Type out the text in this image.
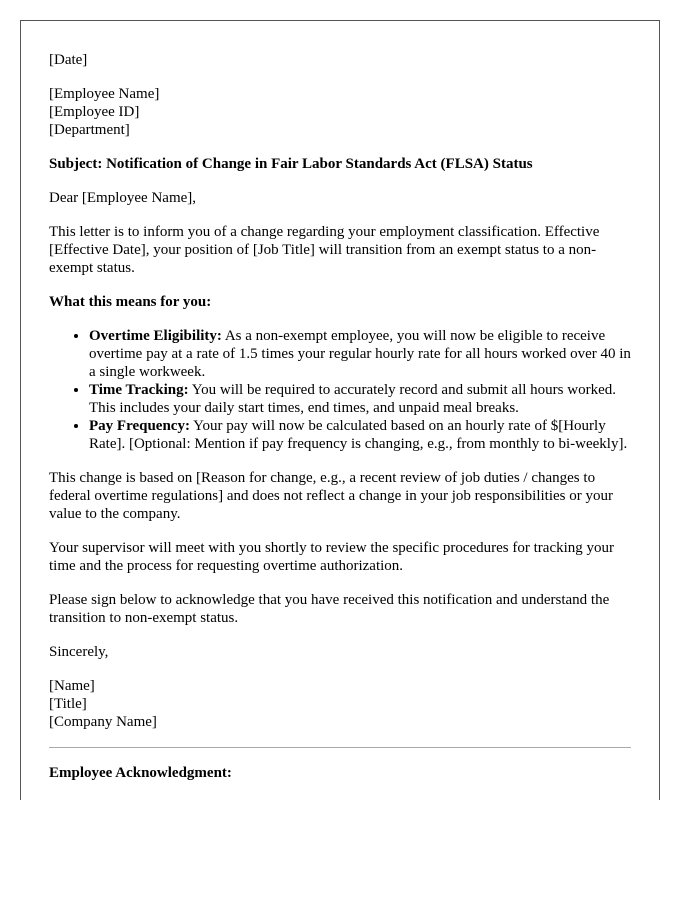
[Date]
[Employee Name]
[Employee ID]
[Department]
Subject: Notification of Change in Fair Labor Standards Act (FLSA) Status
Dear [Employee Name],
This letter is to inform you of a change regarding your employment classification. Effective [Effective Date], your position of [Job Title] will transition from an exempt status to a non-exempt status.
What this means for you:
• Overtime Eligibility: As a non-exempt employee, you will now be eligible to receive overtime pay at a rate of 1.5 times your regular hourly rate for all hours worked over 40 in a single workweek.
• Time Tracking: You will be required to accurately record and submit all hours worked. This includes your daily start times, end times, and unpaid meal breaks.
• Pay Frequency: Your pay will now be calculated based on an hourly rate of $[Hourly Rate]. [Optional: Mention if pay frequency is changing, e.g., from monthly to bi-weekly].
This change is based on [Reason for change, e.g., a recent review of job duties / changes to federal overtime regulations] and does not reflect a change in your job responsibilities or your value to the company.
Your supervisor will meet with you shortly to review the specific procedures for tracking your time and the process for requesting overtime authorization.
Please sign below to acknowledge that you have received this notification and understand the transition to non-exempt status.
Sincerely,
[Name]
[Title]
[Company Name]
Employee Acknowledgment:
